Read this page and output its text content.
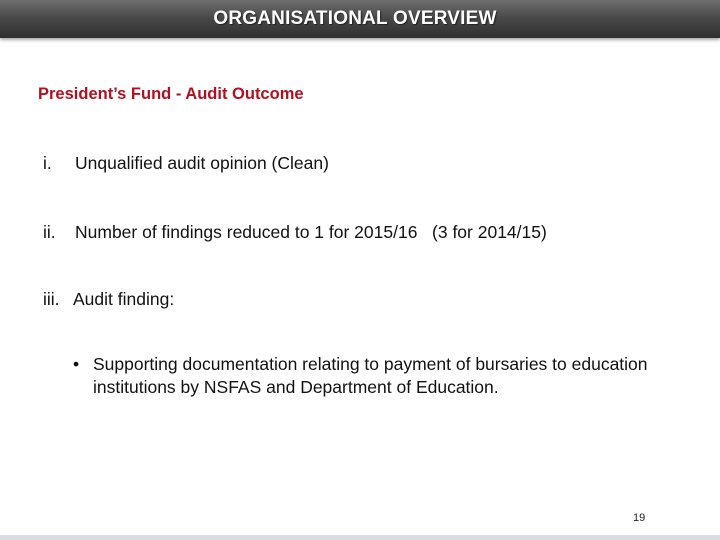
ORGANISATIONAL OVERVIEW
President’s Fund - Audit Outcome
i. Unqualified audit opinion (Clean)
ii. Number of findings reduced to 1 for 2015/16   (3 for 2014/15)
iii. Audit finding:
• Supporting documentation relating to payment of bursaries to education institutions by NSFAS and Department of Education.
19
